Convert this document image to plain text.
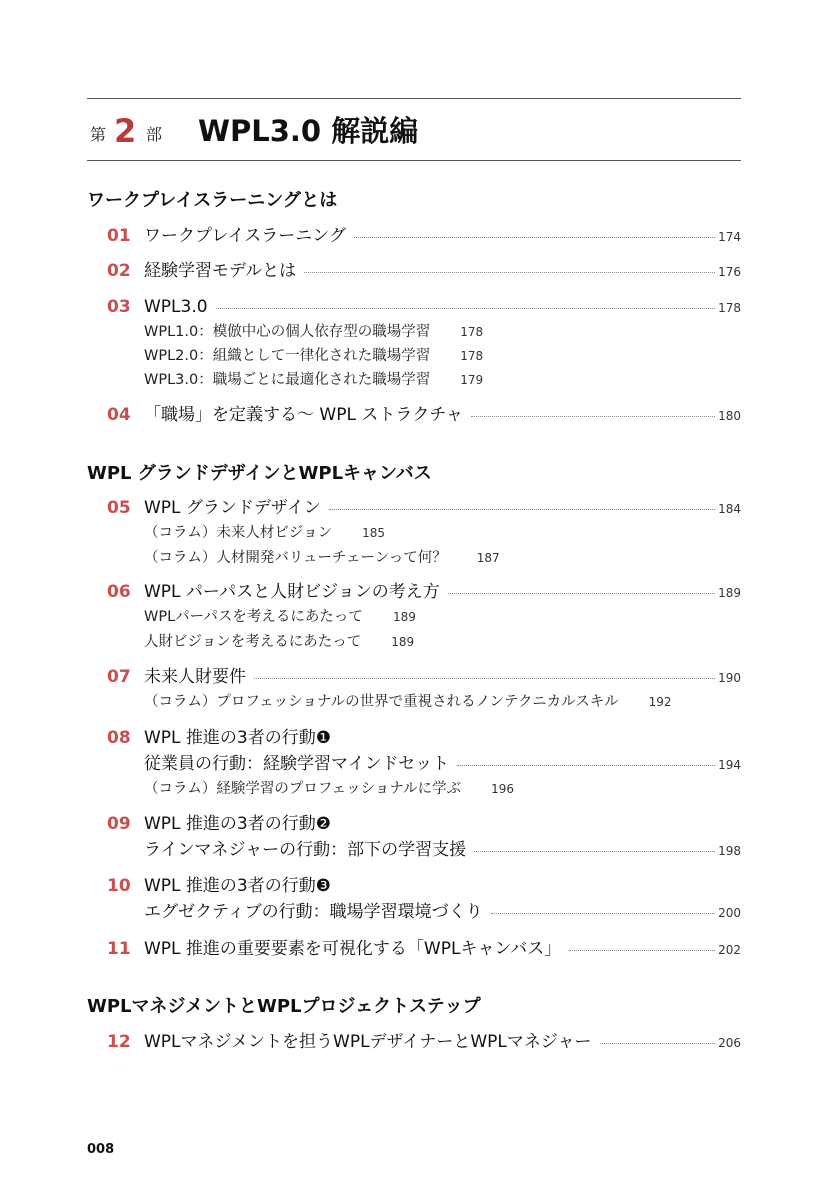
第 2 部 WPL3.0 解説編
ワークプレイスラーニングとは
01 ワークプレイスラーニング	174
02 経験学習モデルとは	176
03 WPL3.0	178
WPL1.0：模倣中心の個人依存型の職場学習	178
WPL2.0：組織として一律化された職場学習	178
WPL3.0：職場ごとに最適化された職場学習	179
04 「職場」を定義する～ WPL ストラクチャ	180
WPL グランドデザインとWPLキャンバス
05 WPL グランドデザイン	184
（コラム）未来人材ビジョン	185
（コラム）人材開発バリューチェーンって何？	187
06 WPL パーパスと人財ビジョンの考え方	189
WPLパーパスを考えるにあたって	189
人財ビジョンを考えるにあたって	189
07 未来人財要件	190
（コラム）プロフェッショナルの世界で重視されるノンテクニカルスキル	192
08 WPL 推進の3者の行動❶
従業員の行動：経験学習マインドセット	194
（コラム）経験学習のプロフェッショナルに学ぶ	196
09 WPL 推進の3者の行動❷
ラインマネジャーの行動：部下の学習支援	198
10 WPL 推進の3者の行動❸
エグゼクティブの行動：職場学習環境づくり	200
11 WPL 推進の重要要素を可視化する「WPLキャンバス」	202
WPLマネジメントとWPLプロジェクトステップ
12 WPLマネジメントを担うWPLデザイナーとWPLマネジャー	206
008
